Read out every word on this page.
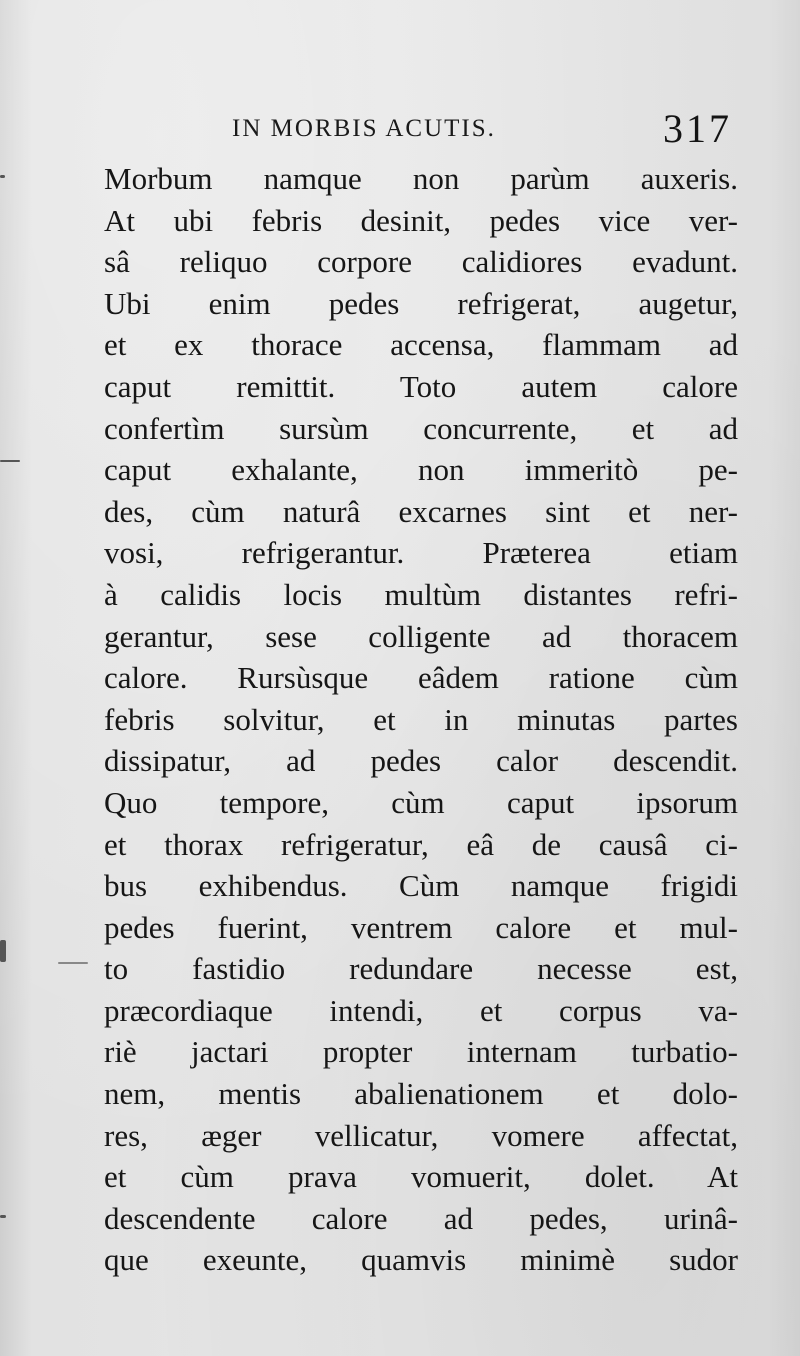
IN MORBIS ACUTIS.	317
Morbum namque non parùm auxeris.
At ubi febris desinit, pedes vice ver-
sâ reliquo corpore calidiores evadunt.
Ubi enim pedes refrigerat, augetur,
et ex thorace accensa, flammam ad
caput remittit. Toto autem calore
confertìm sursùm concurrente, et ad
caput exhalante, non immeritò pe-
des, cùm naturâ excarnes sint et ner-
vosi, refrigerantur. Præterea etiam
à calidis locis multùm distantes refri-
gerantur, sese colligente ad thoracem
calore. Rursùsque eâdem ratione cùm
febris solvitur, et in minutas partes
dissipatur, ad pedes calor descendit.
Quo tempore, cùm caput ipsorum
et thorax refrigeratur, eâ de causâ ci-
bus exhibendus. Cùm namque frigidi
pedes fuerint, ventrem calore et mul-
to fastidio redundare necesse est,
præcordiaque intendi, et corpus va-
riè jactari propter internam turbatio-
nem, mentis abalienationem et dolo-
res, æger vellicatur, vomere affectat,
et cùm prava vomuerit, dolet. At
descendente calore ad pedes, urinâ-
que exeunte, quamvis minimè sudor
